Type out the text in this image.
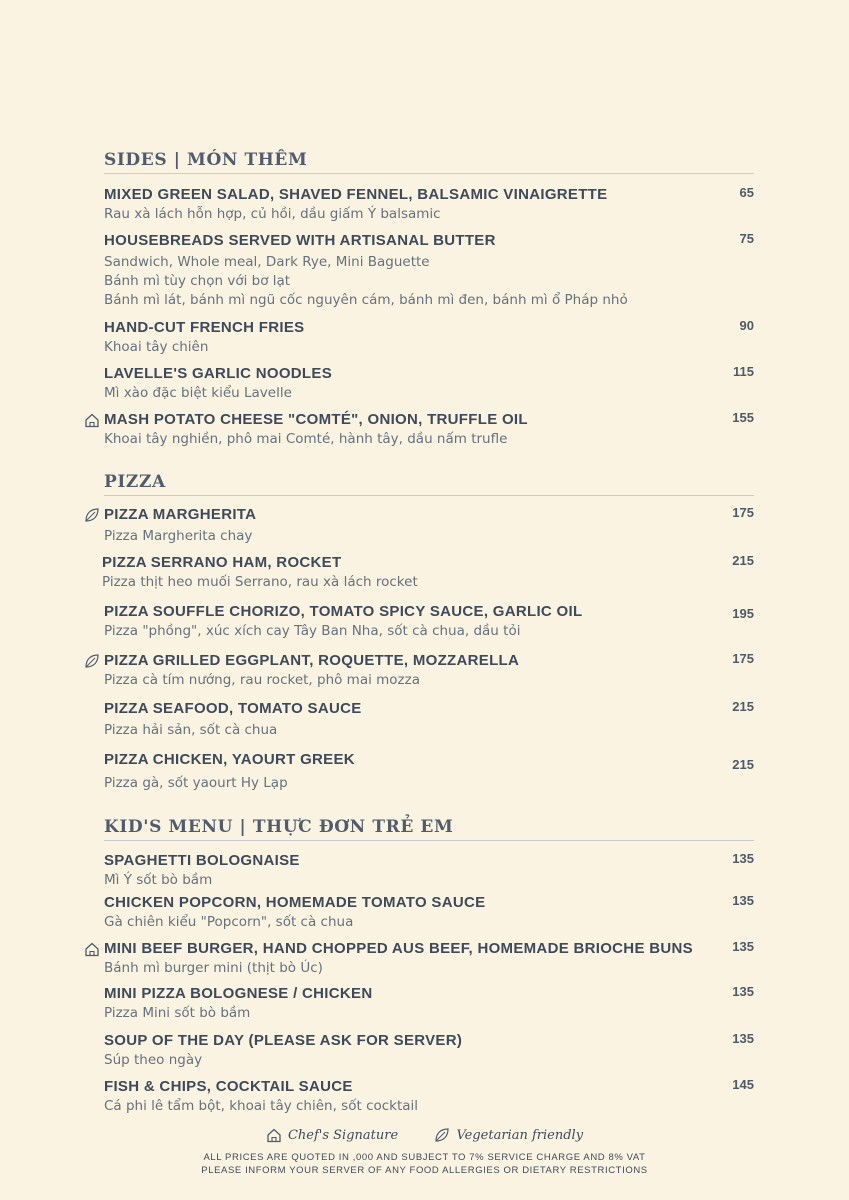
SIDES | MÓN THÊM
MIXED GREEN SALAD, SHAVED FENNEL, BALSAMIC VINAIGRETTE
Rau xà lách hỗn hợp, củ hồi, dầu giấm Ý balsamic
65
HOUSEBREADS SERVED WITH ARTISANAL BUTTER
Sandwich, Whole meal, Dark Rye, Mini Baguette
Bánh mì tùy chọn với bơ lạt
Bánh mì lát, bánh mì ngũ cốc nguyên cám, bánh mì đen, bánh mì ổ Pháp nhỏ
75
HAND-CUT FRENCH FRIES
Khoai tây chiên
90
LAVELLE'S GARLIC NOODLES
Mì xào đặc biệt kiểu Lavelle
115
MASH POTATO CHEESE "COMTÉ", ONION, TRUFFLE OIL
Khoai tây nghiền, phô mai Comté, hành tây, dầu nấm trufle
155
PIZZA
PIZZA MARGHERITA
Pizza Margherita chay
175
PIZZA SERRANO HAM, ROCKET
Pizza thịt heo muối Serrano, rau xà lách rocket
215
PIZZA SOUFFLE CHORIZO, TOMATO SPICY SAUCE, GARLIC OIL
Pizza "phồng", xúc xích cay Tây Ban Nha, sốt cà chua, dầu tỏi
195
PIZZA GRILLED EGGPLANT, ROQUETTE, MOZZARELLA
Pizza cà tím nướng, rau rocket, phô mai mozza
175
PIZZA SEAFOOD, TOMATO SAUCE
Pizza hải sản, sốt cà chua
215
PIZZA CHICKEN, YAOURT GREEK
Pizza gà, sốt yaourt Hy Lạp
215
KID'S MENU | THỰC ĐƠN TRẺ EM
SPAGHETTI BOLOGNAISE
Mì Ý sốt bò bầm
135
CHICKEN POPCORN, HOMEMADE TOMATO SAUCE
Gà chiên kiểu "Popcorn", sốt cà chua
135
MINI BEEF BURGER, HAND CHOPPED AUS BEEF, HOMEMADE BRIOCHE BUNS
Bánh mì burger mini (thịt bò Úc)
135
MINI PIZZA BOLOGNESE / CHICKEN
Pizza Mini sốt bò bầm
135
SOUP OF THE DAY (PLEASE ASK FOR SERVER)
Súp theo ngày
135
FISH & CHIPS, COCKTAIL SAUCE
Cá phi lê tẩm bột, khoai tây chiên, sốt cocktail
145
Chef's Signature	Vegetarian friendly
ALL PRICES ARE QUOTED IN ,000 AND SUBJECT TO 7% SERVICE CHARGE AND 8% VAT
PLEASE INFORM YOUR SERVER OF ANY FOOD ALLERGIES OR DIETARY RESTRICTIONS
